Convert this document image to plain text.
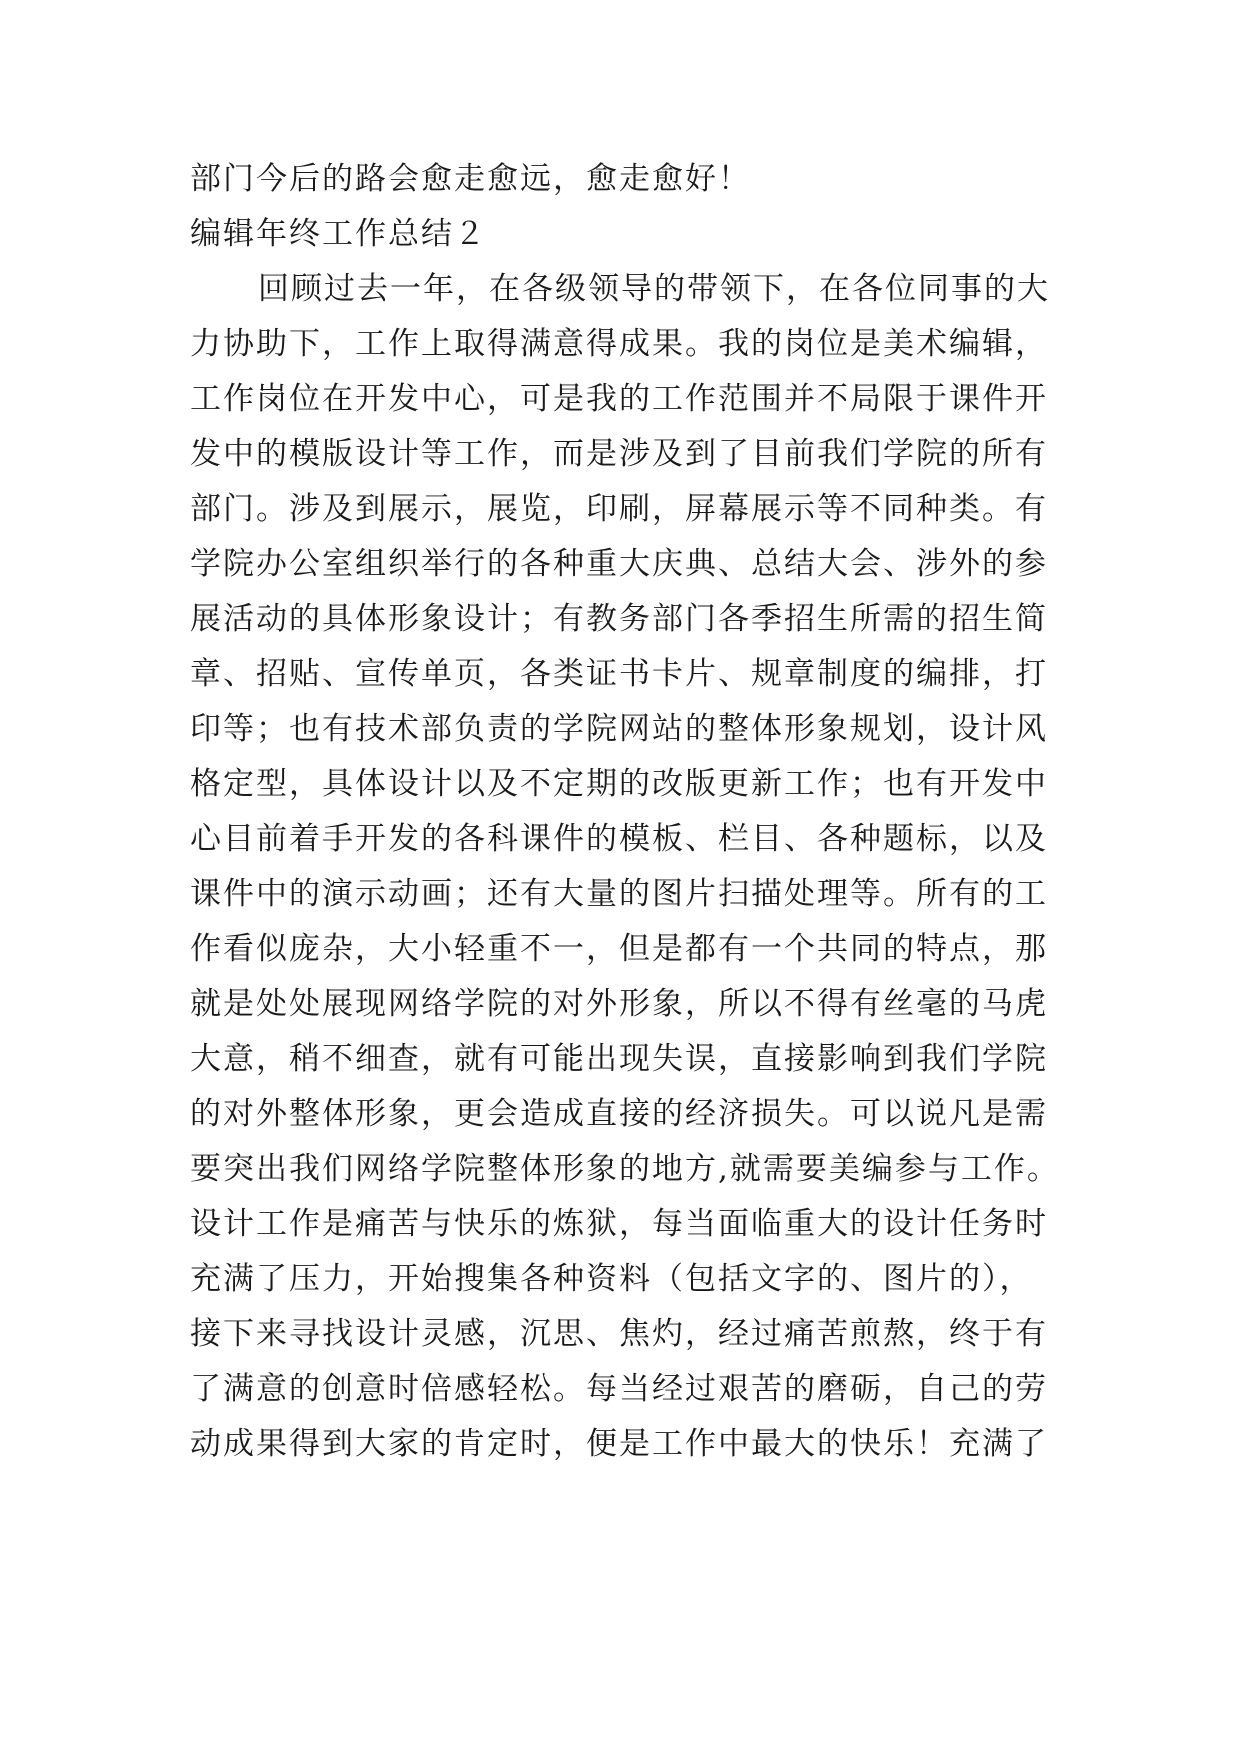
部门今后的路会愈走愈远，愈走愈好！
编辑年终工作总结２
回顾过去一年，在各级领导的带领下，在各位同事的大
力协助下，工作上取得满意得成果。我的岗位是美术编辑，
工作岗位在开发中心，可是我的工作范围并不局限于课件开
发中的模版设计等工作，而是涉及到了目前我们学院的所有
部门。涉及到展示，展览，印刷，屏幕展示等不同种类。有
学院办公室组织举行的各种重大庆典、总结大会、涉外的参
展活动的具体形象设计；有教务部门各季招生所需的招生简
章、招贴、宣传单页，各类证书卡片、规章制度的编排，打
印等；也有技术部负责的学院网站的整体形象规划，设计风
格定型，具体设计以及不定期的改版更新工作；也有开发中
心目前着手开发的各科课件的模板、栏目、各种题标，以及
课件中的演示动画；还有大量的图片扫描处理等。所有的工
作看似庞杂，大小轻重不一，但是都有一个共同的特点，那
就是处处展现网络学院的对外形象，所以不得有丝毫的马虎
大意，稍不细查，就有可能出现失误，直接影响到我们学院
的对外整体形象，更会造成直接的经济损失。可以说凡是需
要突出我们网络学院整体形象的地方,就需要美编参与工作。
设计工作是痛苦与快乐的炼狱，每当面临重大的设计任务时
充满了压力，开始搜集各种资料（包括文字的、图片的），
接下来寻找设计灵感，沉思、焦灼，经过痛苦煎熬，终于有
了满意的创意时倍感轻松。每当经过艰苦的磨砺，自己的劳
动成果得到大家的肯定时，便是工作中最大的快乐！充满了
